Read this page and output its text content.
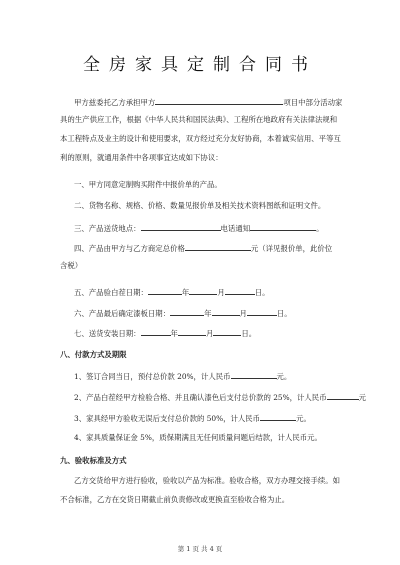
全房家具定制合同书
甲方兹委托乙方承担甲方	项目中部分活动家
具的生产供应工作，根据《中华人民共和国民法典》、工程所在地政府有关法律法规和
本工程特点及业主的设计和使用要求，双方经过充分友好协商，本着诚实信用、平等互
利的原则，就通用条件中各项事宜达成如下协议：
一、甲方同意定制购买附件中报价单的产品。
二、货物名称、规格、价格、数量见报价单及相关技术资料图纸和证明文件。
三、产品送货地点：	电话通知	。
四、产品由甲方与乙方商定总价格	元（详见报价单，此价位
含税）
五、产品验白茬日期：	年	月	日。
六、产品最后确定漆板日期：	年	月	日。
七、送货安装日期：	年	月	日。
八、付款方式及期限
1、签订合同当日，预付总价款 20%，计人民币	元。
2、产品白茬经甲方检验合格、并且确认漆色后支付总价款的 25%，计人民币	元
3、家具经甲方验收无误后支付总价款的 50%，计人民币	元。
4、家具质量保证金 5%，质保期满且无任何质量问题后结款，计人民币元。
九、验收标准及方式
乙方交货给甲方进行验收，验收以产品为标准。验收合格，双方办理交接手续。如
不合标准，乙方在交货日期截止前负责修改或更换直至验收合格为止。
第 1 页 共 4 页
